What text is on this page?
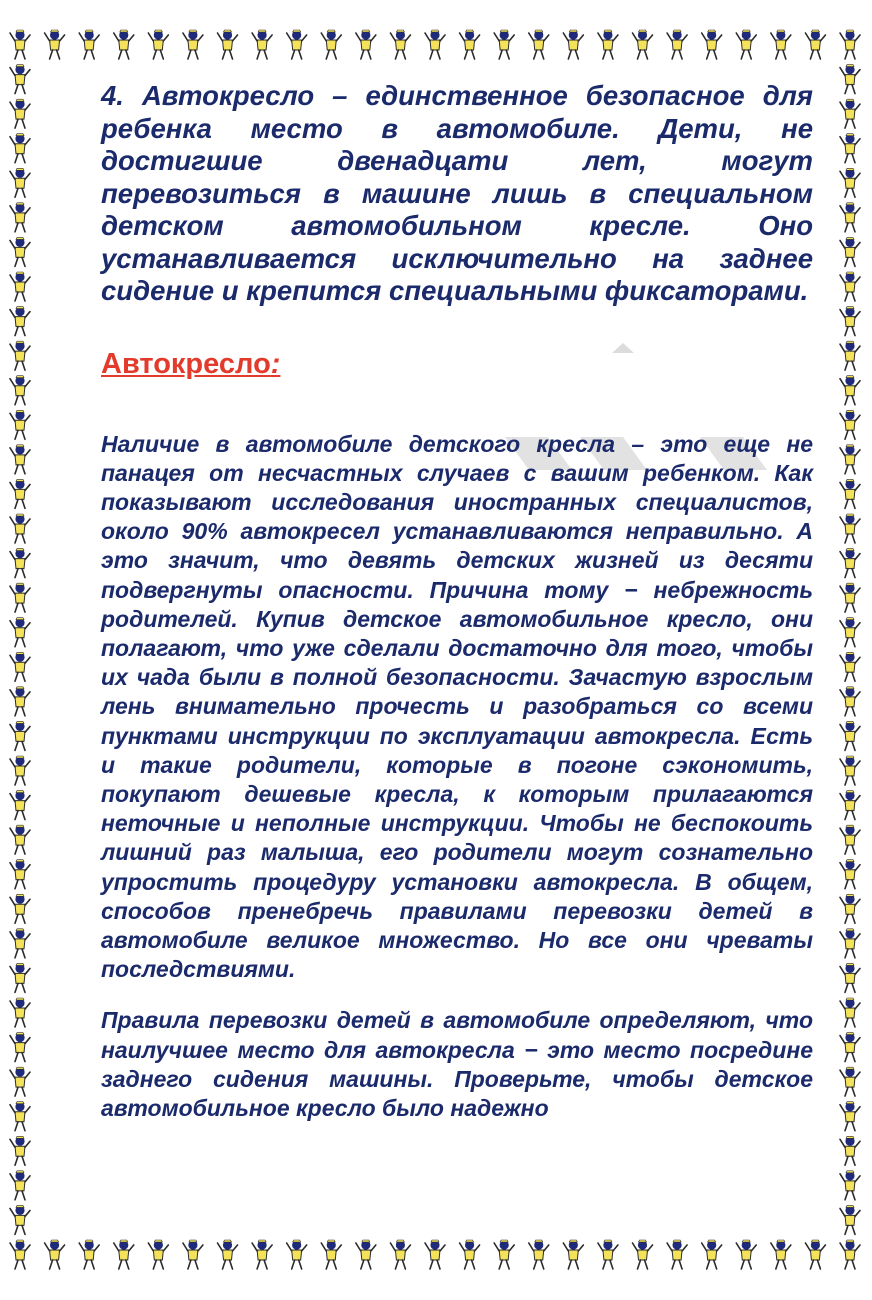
4. Автокресло – единственное безопасное для ребенка место в автомобиле. Дети, не достигшие двенадцати лет, могут перевозиться в машине лишь в специальном детском автомобильном кресле. Оно устанавливается исключительно на заднее сидение и крепится специальными фиксаторами.

Автокресло:

Наличие в автомобиле детского кресла – это еще не панацея от несчастных случаев с вашим ребенком. Как показывают исследования иностранных специалистов, около 90% автокресел устанавливаются неправильно. А это значит, что девять детских жизней из десяти подвергнуты опасности. Причина тому − небрежность родителей. Купив детское автомобильное кресло, они полагают, что уже сделали достаточно для того, чтобы их чада были в полной безопасности. Зачастую взрослым лень внимательно прочесть и разобраться со всеми пунктами инструкции по эксплуатации автокресла. Есть и такие родители, которые в погоне сэкономить, покупают дешевые кресла, к которым прилагаются неточные и неполные инструкции. Чтобы не беспокоить лишний раз малыша, его родители могут сознательно упростить процедуру установки автокресла. В общем, способов пренебречь правилами перевозки детей в автомобиле великое множество. Но все они чреваты последствиями.

Правила перевозки детей в автомобиле определяют, что наилучшее место для автокресла − это место посредине заднего сидения машины. Проверьте, чтобы детское автомобильное кресло было надежно
